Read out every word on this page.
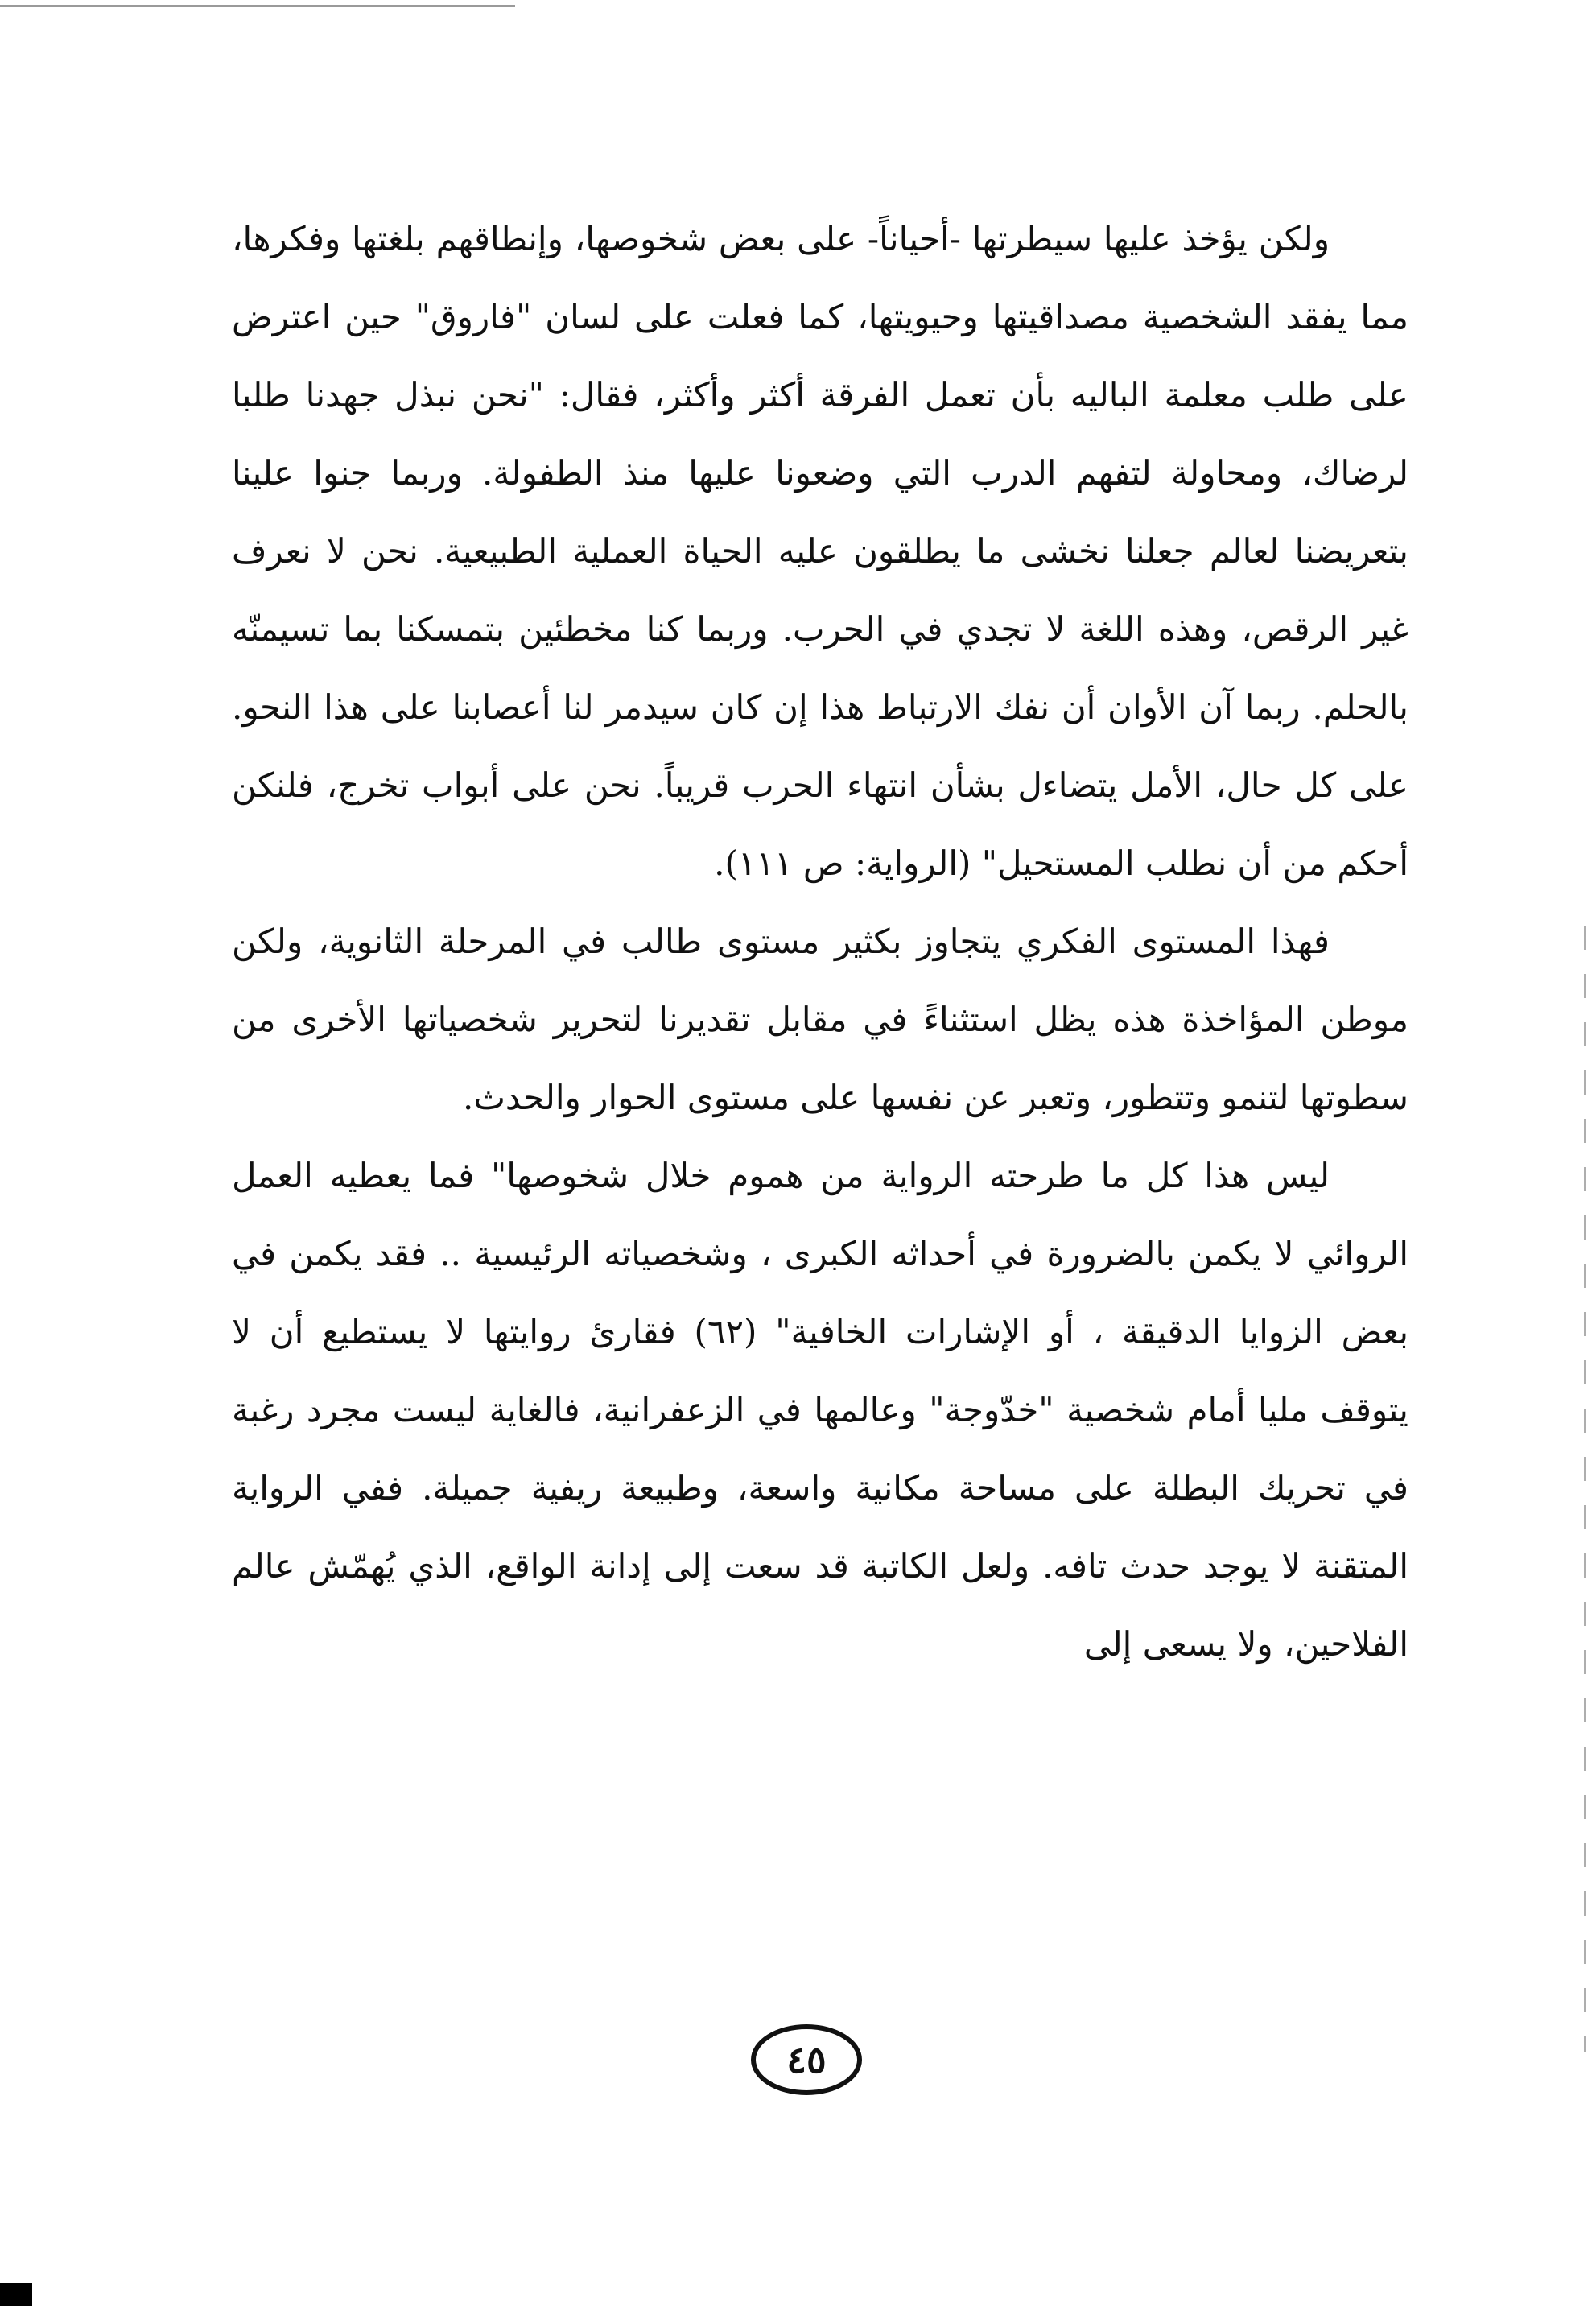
ولكن يؤخذ عليها سيطرتها -أحياناً- على بعض شخوصها، وإنطاقهم بلغتها وفكرها، مما يفقد الشخصية مصداقيتها وحيويتها، كما فعلت على لسان "فاروق" حين اعترض على طلب معلمة الباليه بأن تعمل الفرقة أكثر وأكثر، فقال: "نحن نبذل جهدنا طلبا لرضاك، ومحاولة لتفهم الدرب التي وضعونا عليها منذ الطفولة. وربما جنوا علينا بتعريضنا لعالم جعلنا نخشى ما يطلقون عليه الحياة العملية الطبيعية. نحن لا نعرف غير الرقص، وهذه اللغة لا تجدي في الحرب. وربما كنا مخطئين بتمسكنا بما تسيمنّه بالحلم. ربما آن الأوان أن نفك الارتباط هذا إن كان سيدمر لنا أعصابنا على هذا النحو. على كل حال، الأمل يتضاءل بشأن انتهاء الحرب قريباً. نحن على أبواب تخرج، فلنكن أحكم من أن نطلب المستحيل" (الرواية: ص ١١١).

فهذا المستوى الفكري يتجاوز بكثير مستوى طالب في المرحلة الثانوية، ولكن موطن المؤاخذة هذه يظل استثناءً في مقابل تقديرنا لتحرير شخصياتها الأخرى من سطوتها لتنمو وتتطور، وتعبر عن نفسها على مستوى الحوار والحدث.

ليس هذا كل ما طرحته الرواية من هموم خلال شخوصها" فما يعطيه العمل الروائي لا يكمن بالضرورة في أحداثه الكبرى ، وشخصياته الرئيسية .. فقد يكمن في بعض الزوايا الدقيقة ، أو الإشارات الخافية" (٦٢) فقارئ روايتها لا يستطيع أن لا يتوقف مليا أمام شخصية "خدّوجة" وعالمها في الزعفرانية، فالغاية ليست مجرد رغبة في تحريك البطلة على مساحة مكانية واسعة، وطبيعة ريفية جميلة. ففي الرواية المتقنة لا يوجد حدث تافه. ولعل الكاتبة قد سعت إلى إدانة الواقع، الذي يُهمّش عالم الفلاحين، ولا يسعى إلى

٤٥
